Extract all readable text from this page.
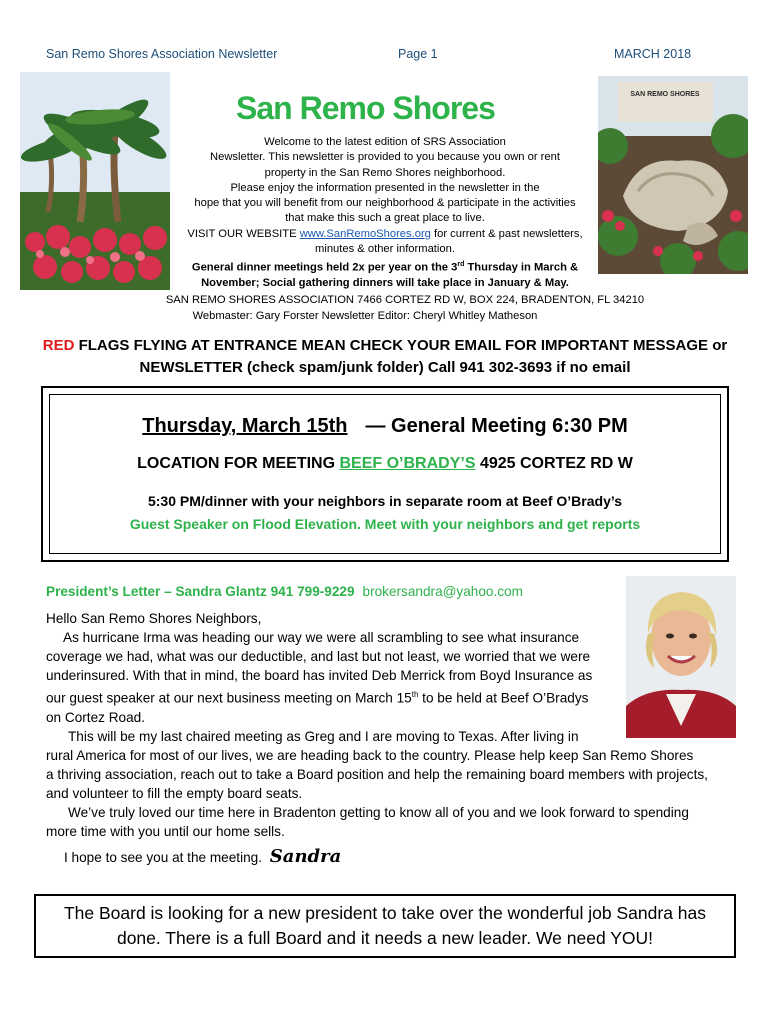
San Remo Shores Association Newsletter	Page 1	MARCH 2018
SAN REMO SHORES
San Remo Shores
Welcome to the latest edition of SRS Association
Newsletter. This newsletter is provided to you because you own or rent
property in the San Remo Shores neighborhood.
Please enjoy the information presented in the newsletter in the
hope that you will benefit from our neighborhood & participate in the activities
that make this such a great place to live.
VISIT OUR WEBSITE www.SanRemoShores.org for current & past newsletters,
minutes & other information.
General dinner meetings held 2x per year on the 3rd Thursday in March &
November; Social gathering dinners will take place in January & May.
SAN REMO SHORES ASSOCIATION 7466 CORTEZ RD W, BOX 224, BRADENTON, FL 34210
Webmaster: Gary Forster Newsletter Editor: Cheryl Whitley Matheson
RED FLAGS FLYING AT ENTRANCE MEAN CHECK YOUR EMAIL FOR IMPORTANT MESSAGE or
NEWSLETTER (check spam/junk folder) Call 941 302-3693 if no email
Thursday, March 15th — General Meeting 6:30 PM
LOCATION FOR MEETING BEEF O’BRADY’S 4925 CORTEZ RD W
5:30 PM/dinner with your neighbors in separate room at Beef O’Brady’s
Guest Speaker on Flood Elevation. Meet with your neighbors and get reports
President’s Letter – Sandra Glantz 941 799-9229 brokersandra@yahoo.com
Hello San Remo Shores Neighbors,
As hurricane Irma was heading our way we were all scrambling to see what insurance
coverage we had, what was our deductible, and last but not least, we worried that we were
underinsured. With that in mind, the board has invited Deb Merrick from Boyd Insurance as
our guest speaker at our next business meeting on March 15th to be held at Beef O’Bradys
on Cortez Road.
This will be my last chaired meeting as Greg and I are moving to Texas. After living in
rural America for most of our lives, we are heading back to the country. Please help keep San Remo Shores
a thriving association, reach out to take a Board position and help the remaining board members with projects,
and volunteer to fill the empty board seats.
We’ve truly loved our time here in Bradenton getting to know all of you and we look forward to spending
more time with you until our home sells.
I hope to see you at the meeting. Sandra
The Board is looking for a new president to take over the wonderful job Sandra has
done. There is a full Board and it needs a new leader. We need YOU!
